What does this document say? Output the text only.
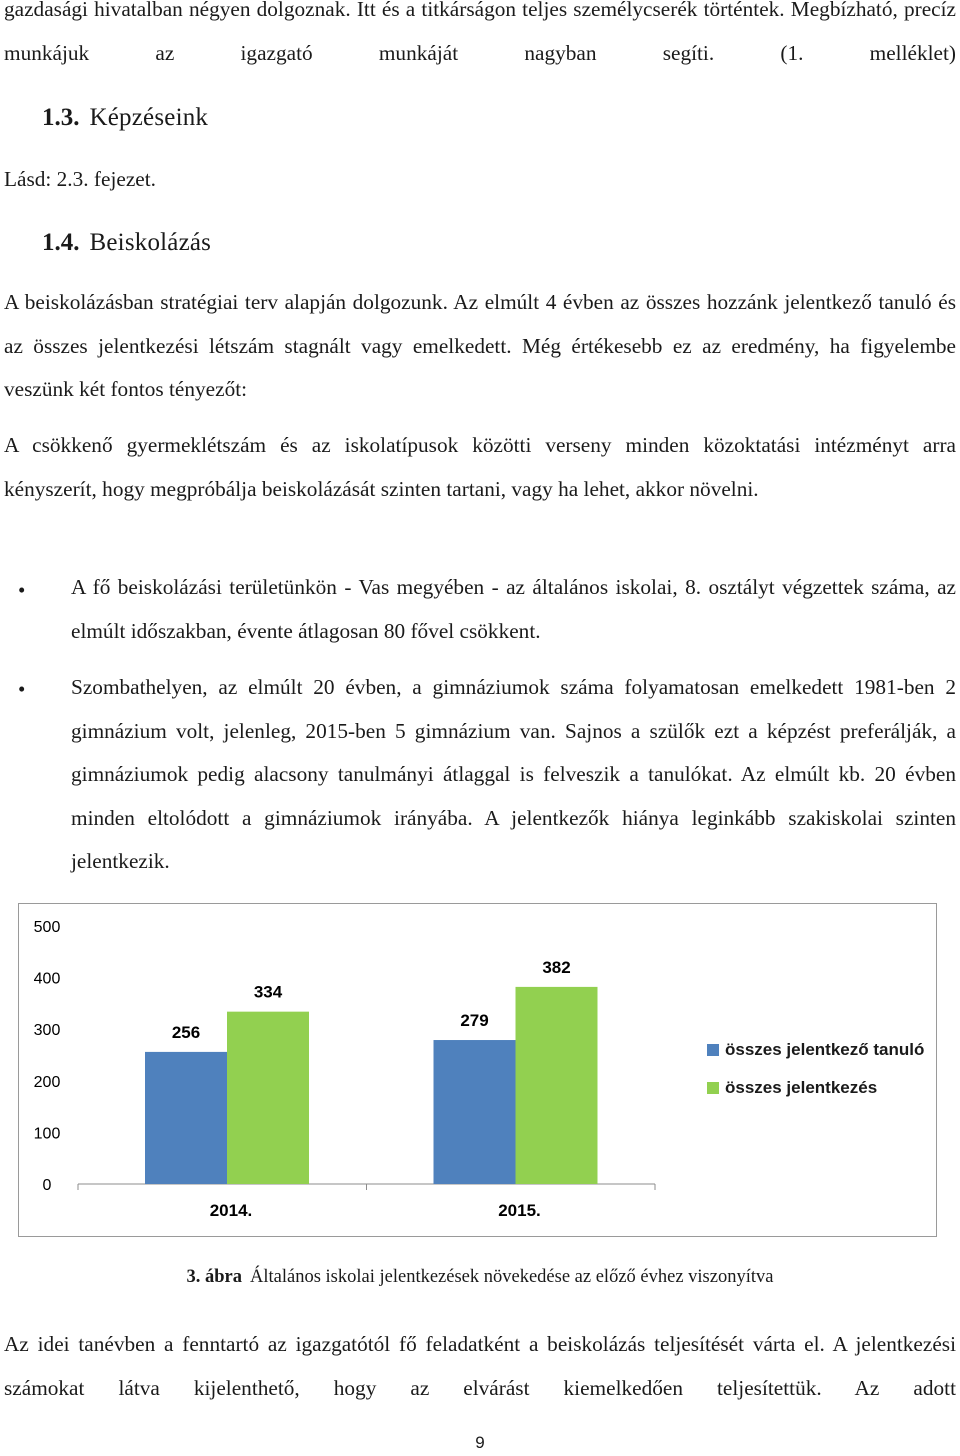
gazdasági hivatalban négyen dolgoznak. Itt és a titkárságon teljes személycserék történtek. Megbízható, precíz munkájuk az igazgató munkáját nagyban segíti. (1. melléklet)

1.3. Képzéseink

Lásd: 2.3. fejezet.

1.4. Beiskolázás

A beiskolázásban stratégiai terv alapján dolgozunk. Az elmúlt 4 évben az összes hozzánk jelentkező tanuló és az összes jelentkezési létszám stagnált vagy emelkedett. Még értékesebb ez az eredmény, ha figyelembe veszünk két fontos tényezőt:

A csökkenő gyermeklétszám és az iskolatípusok közötti verseny minden közoktatási intézményt arra kényszerít, hogy megpróbálja beiskolázását szinten tartani, vagy ha lehet, akkor növelni.

• A fő beiskolázási területünkön - Vas megyében - az általános iskolai, 8. osztályt végzettek száma, az elmúlt időszakban, évente átlagosan 80 fővel csökkent.

• Szombathelyen, az elmúlt 20 évben, a gimnáziumok száma folyamatosan emelkedett 1981-ben 2 gimnázium volt, jelenleg, 2015-ben 5 gimnázium van. Sajnos a szülők ezt a képzést preferálják, a gimnáziumok pedig alacsony tanulmányi átlaggal is felveszik a tanulókat. Az elmúlt kb. 20 évben minden eltolódott a gimnáziumok irányába. A jelentkezők hiánya leginkább szakiskolai szinten jelentkezik.

0
100
200
300
400
500
256
334
2014.
279
382
2015.
összes jelentkező tanuló
összes jelentkezés
3. ábra Általános iskolai jelentkezések növekedése az előző évhez viszonyítva

Az idei tanévben a fenntartó az igazgatótól fő feladatként a beiskolázás teljesítését várta el. A jelentkezési számokat látva kijelenthető, hogy az elvárást kiemelkedően teljesítettük. Az adott

9
